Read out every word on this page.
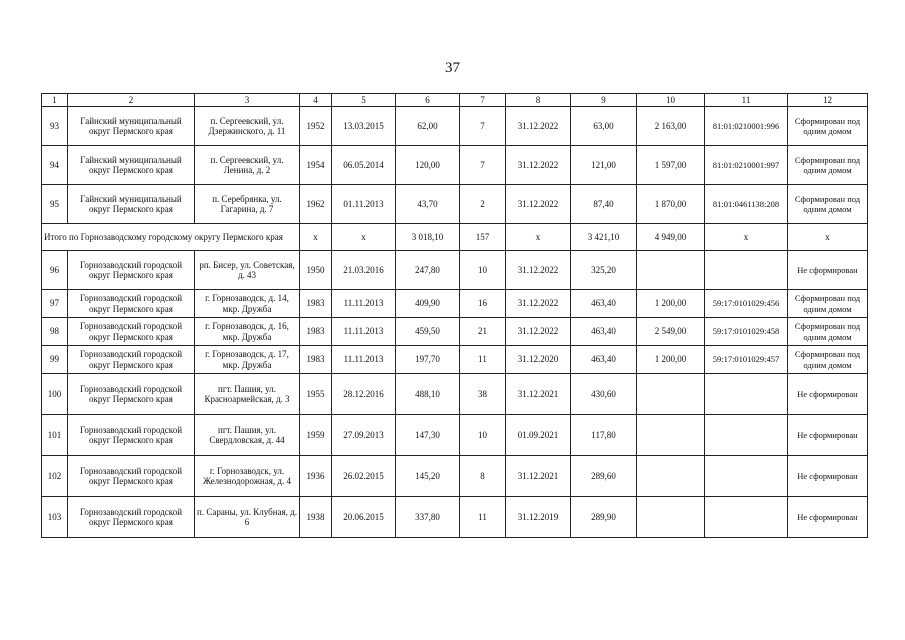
37
1	2	3	4	5	6	7	8	9	10	11	12
93	Гайнский муниципальный округ Пермского края	п. Сергеевский, ул. Дзержинского, д. 11	1952	13.03.2015	62,00	7	31.12.2022	63,00	2 163,00	81:01:0210001:996	Сформирован под одним домом
94	Гайнский муниципальный округ Пермского края	п. Сергеевский, ул. Ленина, д. 2	1954	06.05.2014	120,00	7	31.12.2022	121,00	1 597,00	81:01:0210001:997	Сформирован под одним домом
95	Гайнский муниципальный округ Пермского края	п. Серебрянка, ул. Гагарина, д. 7	1962	01.11.2013	43,70	2	31.12.2022	87,40	1 870,00	81:01:0461138:208	Сформирован под одним домом
Итого по Горнозаводскому городскому округу Пермского края			х	х	3 018,10	157	х	3 421,10	4 949,00	х	х
96	Горнозаводский городской округ Пермского края	рп. Бисер, ул. Советская, д. 43	1950	21.03.2016	247,80	10	31.12.2022	325,20			Не сформирован
97	Горнозаводский городской округ Пермского края	г. Горнозаводск, д. 14, мкр. Дружба	1983	11.11.2013	409,90	16	31.12.2022	463,40	1 200,00	59:17:0101029:456	Сформирован под одним домом
98	Горнозаводский городской округ Пермского края	г. Горнозаводск, д. 16, мкр. Дружба	1983	11.11.2013	459,50	21	31.12.2022	463,40	2 549,00	59:17:0101029:458	Сформирован под одним домом
99	Горнозаводский городской округ Пермского края	г. Горнозаводск, д. 17, мкр. Дружба	1983	11.11.2013	197,70	11	31.12.2020	463,40	1 200,00	59:17:0101029:457	Сформирован под одним домом
100	Горнозаводский городской округ Пермского края	пгт. Пашия, ул. Красноармейская, д. 3	1955	28.12.2016	488,10	38	31.12.2021	430,60			Не сформирован
101	Горнозаводский городской округ Пермского края	пгт. Пашия, ул. Свердловская, д. 44	1959	27.09.2013	147,30	10	01.09.2021	117,80			Не сформирован
102	Горнозаводский городской округ Пермского края	г. Горнозаводск, ул. Железнодорожная, д. 4	1936	26.02.2015	145,20	8	31.12.2021	289,60			Не сформирован
103	Горнозаводский городской округ Пермского края	п. Сараны, ул. Клубная, д. 6	1938	20.06.2015	337,80	11	31.12.2019	289,90			Не сформирован
